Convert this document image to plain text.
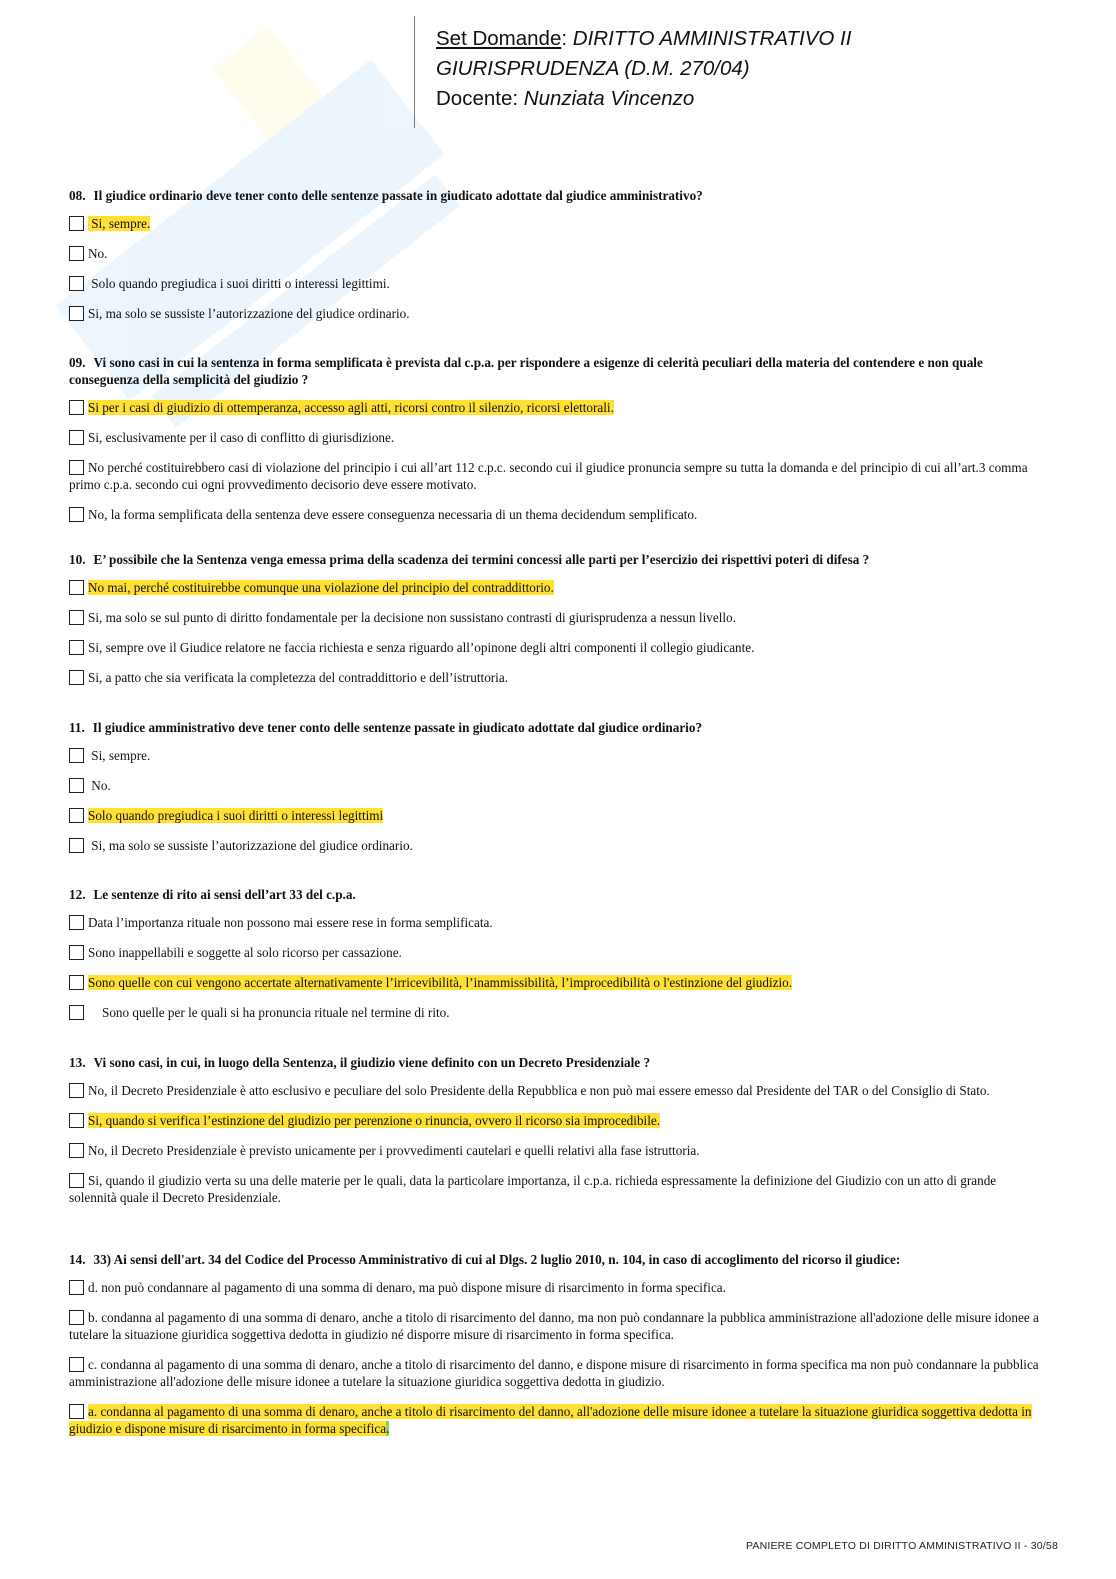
Set Domande: DIRITTO AMMINISTRATIVO II
GIURISPRUDENZA (D.M. 270/04)
Docente: Nunziata Vincenzo
08. Il giudice ordinario deve tener conto delle sentenze passate in giudicato adottate dal giudice amministrativo?
Si, sempre.
No.
Solo quando pregiudica i suoi diritti o interessi legittimi.
Si, ma solo se sussiste l’autorizzazione del giudice ordinario.
09. Vi sono casi in cui la sentenza in forma semplificata è prevista dal c.p.a. per rispondere a esigenze di celerità peculiari della materia del contendere e non quale conseguenza della semplicità del giudizio ?
Si per i casi di giudizio di ottemperanza, accesso agli atti, ricorsi contro il silenzio, ricorsi elettorali.
Si, esclusivamente per il caso di conflitto di giurisdizione.
No perché costituirebbero casi di violazione del principio i cui all’art 112 c.p.c. secondo cui il giudice pronuncia sempre su tutta la domanda e del principio di cui all’art.3 comma primo c.p.a. secondo cui ogni provvedimento decisorio deve essere motivato.
No, la forma semplificata della sentenza deve essere conseguenza necessaria di un thema decidendum semplificato.
10. E’ possibile che la Sentenza venga emessa prima della scadenza dei termini concessi alle parti per l’esercizio dei rispettivi poteri di difesa ?
No mai, perché costituirebbe comunque una violazione del principio del contraddittorio.
Si, ma solo se sul punto di diritto fondamentale per la decisione non sussistano contrasti di giurisprudenza a nessun livello.
Si, sempre ove il Giudice relatore ne faccia richiesta e senza riguardo all’opinone degli altri componenti il collegio giudicante.
Si, a patto che sia verificata la completezza del contraddittorio e dell’istruttoria.
11. Il giudice amministrativo deve tener conto delle sentenze passate in giudicato adottate dal giudice ordinario?
Si, sempre.
No.
Solo quando pregiudica i suoi diritti o interessi legittimi
Si, ma solo se sussiste l’autorizzazione del giudice ordinario.
12. Le sentenze di rito ai sensi dell’art 33 del c.p.a.
Data l’importanza rituale non possono mai essere rese in forma semplificata.
Sono inappellabili e soggette al solo ricorso per cassazione.
Sono quelle con cui vengono accertate alternativamente l’irricevibilità, l’inammissibilità, l’improcedibilità o l'estinzione del giudizio.
Sono quelle per le quali si ha pronuncia rituale nel termine di rito.
13. Vi sono casi, in cui, in luogo della Sentenza, il giudizio viene definito con un Decreto Presidenziale ?
No, il Decreto Presidenziale è atto esclusivo e peculiare del solo Presidente della Repubblica e non può mai essere emesso dal Presidente del TAR o del Consiglio di Stato.
Si, quando si verifica l’estinzione del giudizio per perenzione o rinuncia, ovvero il ricorso sia improcedibile.
No, il Decreto Presidenziale è previsto unicamente per i provvedimenti cautelari e quelli relativi alla fase istruttoria.
Si, quando il giudizio verta su una delle materie per le quali, data la particolare importanza, il c.p.a. richieda espressamente la definizione del Giudizio con un atto di grande solennità quale il Decreto Presidenziale.
14. 33) Ai sensi dell'art. 34 del Codice del Processo Amministrativo di cui al Dlgs. 2 luglio 2010, n. 104, in caso di accoglimento del ricorso il giudice:
d. non può condannare al pagamento di una somma di denaro, ma può dispone misure di risarcimento in forma specifica.
b. condanna al pagamento di una somma di denaro, anche a titolo di risarcimento del danno, ma non può condannare la pubblica amministrazione all'adozione delle misure idonee a tutelare la situazione giuridica soggettiva dedotta in giudizio né disporre misure di risarcimento in forma specifica.
c. condanna al pagamento di una somma di denaro, anche a titolo di risarcimento del danno, e dispone misure di risarcimento in forma specifica ma non può condannare la pubblica amministrazione all'adozione delle misure idonee a tutelare la situazione giuridica soggettiva dedotta in giudizio.
a. condanna al pagamento di una somma di denaro, anche a titolo di risarcimento del danno, all'adozione delle misure idonee a tutelare la situazione giuridica soggettiva dedotta in giudizio e dispone misure di risarcimento in forma specifica.
PANIERE COMPLETO DI DIRITTO AMMINISTRATIVO II - 30/58
